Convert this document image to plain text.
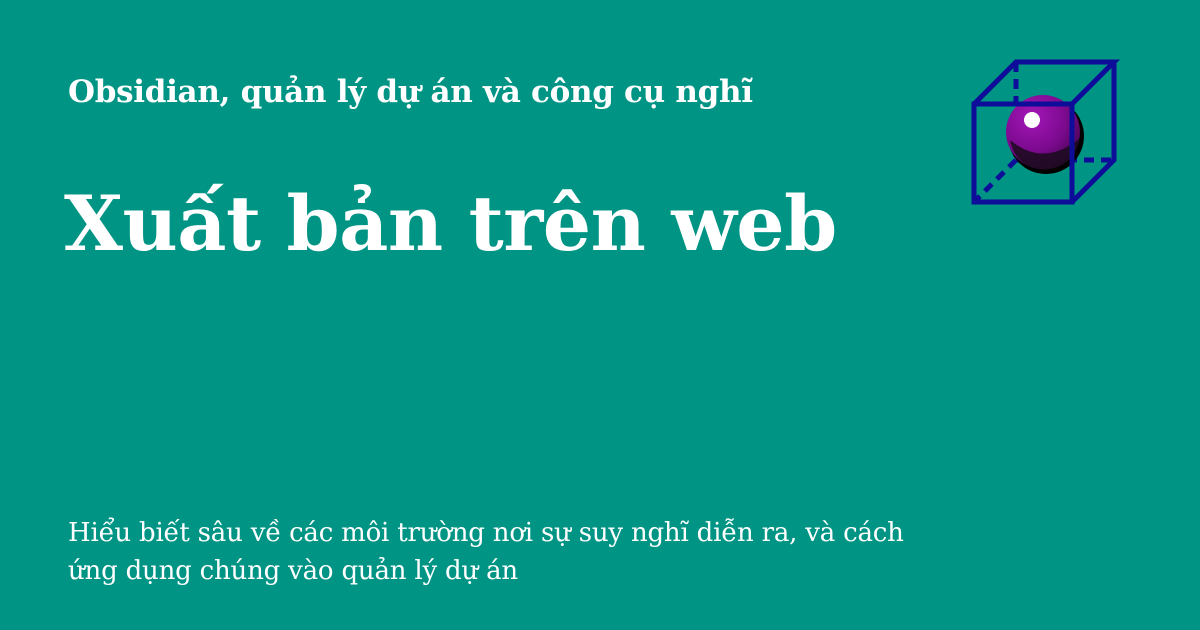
Obsidian, quản lý dự án và công cụ nghĩ
Xuất bản trên web
Hiểu biết sâu về các môi trường nơi sự suy nghĩ diễn ra, và cách ứng dụng chúng vào quản lý dự án
